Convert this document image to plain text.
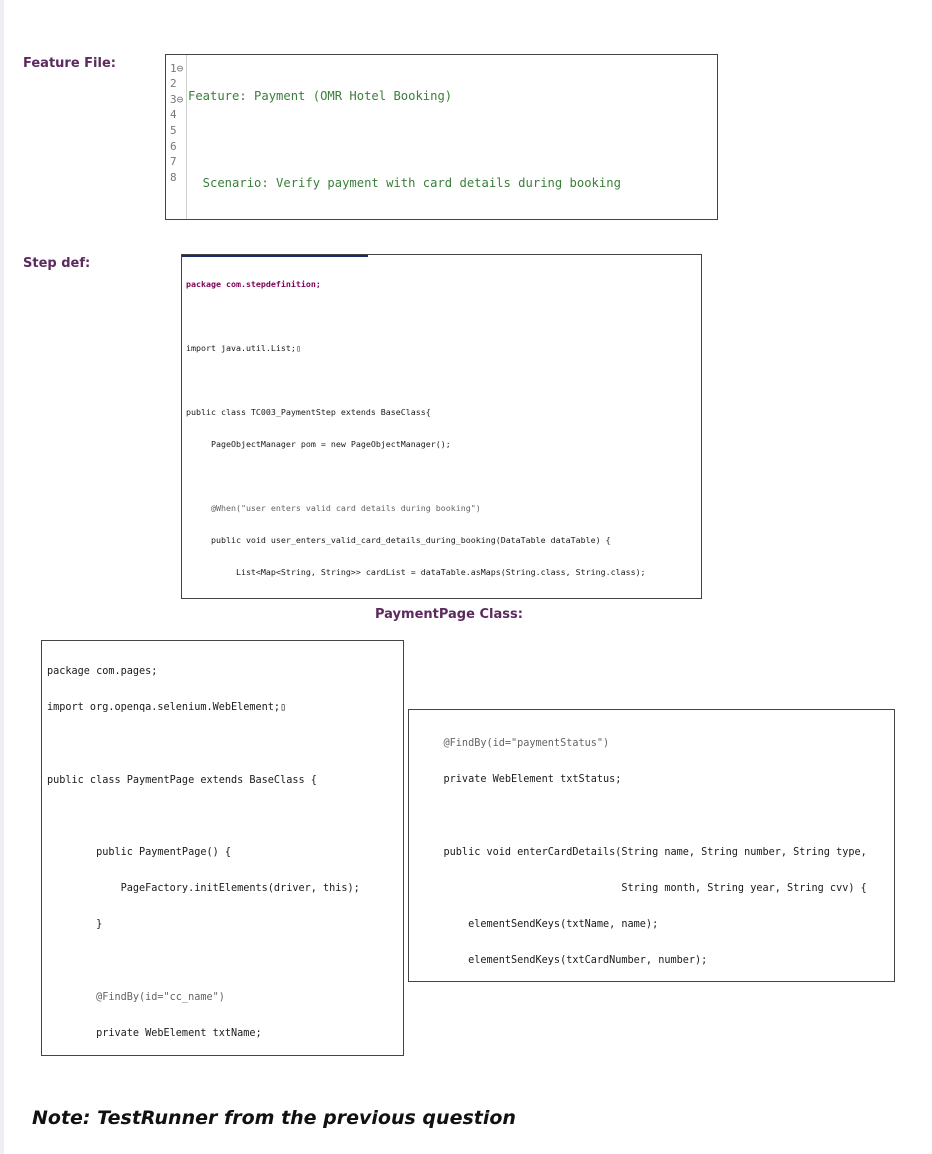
Feature File:
Step def:
PaymentPage Class:
1⊖
2
3⊖
4
5
6
7
8

Feature: Payment (OMR Hotel Booking)

Scenario: Verify payment with card details during booking

package com.stepdefinition;

import java.util.List;▯

public class TC003_PaymentStep extends BaseClass{

PageObjectManager pom = new PageObjectManager();

@When("user enters valid card details during booking")

public void user_enters_valid_card_details_during_booking(DataTable dataTable) {

List<Map<String, String>> cardList = dataTable.asMaps(String.class, String.class);

package com.pages;

import org.openqa.selenium.WebElement;▯

public class PaymentPage extends BaseClass {

public PaymentPage() {

PageFactory.initElements(driver, this);

}

@FindBy(id="cc_name")

private WebElement txtName;

@FindBy(id="paymentStatus")

private WebElement txtStatus;

public void enterCardDetails(String name, String number, String type,

String month, String year, String cvv) {

elementSendKeys(txtName, name);

elementSendKeys(txtCardNumber, number);

Note: TestRunner from the previous question
